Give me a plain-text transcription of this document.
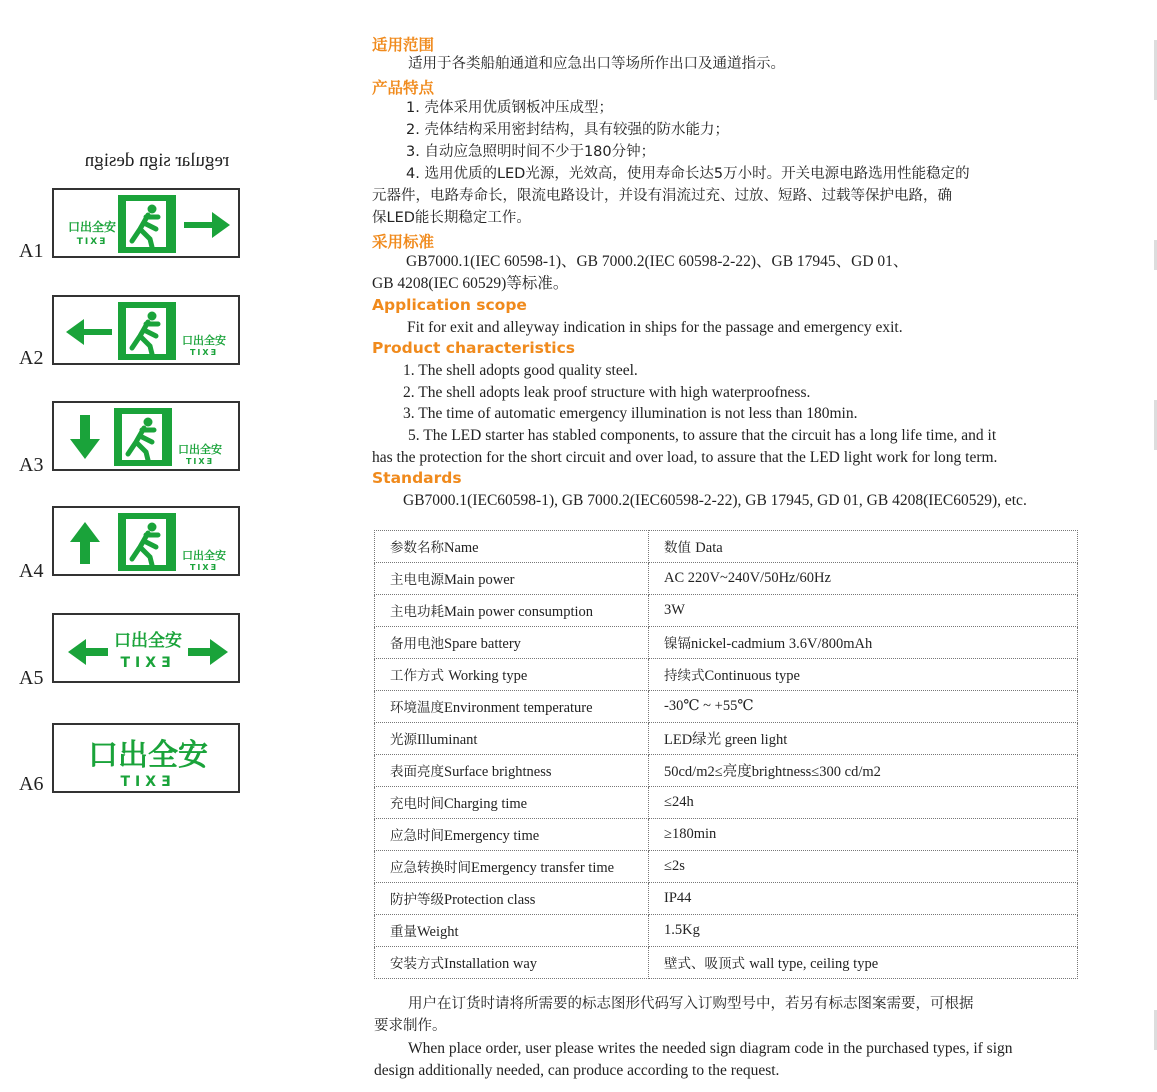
regular sign design
A1
口出全安
TIXƎ
A2
口出全安
TIXƎ
A3
口出全安
TIXƎ
A4
口出全安
TIXƎ
A5
口出全安
TIXƎ
A6
口出全安
TIXƎ
适用范围
适用于各类船舶通道和应急出口等场所作出口及通道指示。
产品特点
1. 壳体采用优质钢板冲压成型；
2. 壳体结构采用密封结构，具有较强的防水能力；
3. 自动应急照明时间不少于180分钟；
4. 选用优质的LED光源，光效高，使用寿命长达5万小时。开关电源电路选用性能稳定的
元器件，电路寿命长，限流电路设计，并设有涓流过充、过放、短路、过载等保护电路，确
保LED能长期稳定工作。
采用标准
GB7000.1(IEC 60598-1)、GB 7000.2(IEC 60598-2-22)、GB 17945、GD 01、
GB 4208(IEC 60529)等标准。
Application scope
Fit for exit and alleyway indication in ships for the passage and emergency exit.
Product characteristics
1. The shell adopts good quality steel.
2. The shell adopts leak proof structure with high waterproofness.
3. The time of automatic emergency illumination is not less than 180min.
5. The LED starter has stabled components, to assure that the circuit has a long life time, and it
has the protection for the short circuit and over load, to assure that the LED light work for long term.
Standards
GB7000.1(IEC60598-1), GB 7000.2(IEC60598-2-22), GB 17945, GD 01, GB 4208(IEC60529), etc.
参数名称Name	数值 Data
主电电源Main power	AC 220V~240V/50Hz/60Hz
主电功耗Main power consumption	3W
备用电池Spare battery	镍镉nickel-cadmium 3.6V/800mAh
工作方式 Working type	持续式Continuous type
环境温度Environment temperature	-30℃ ~ +55℃
光源Illuminant	LED绿光 green light
表面亮度Surface brightness	50cd/m2≤亮度brightness≤300 cd/m2
充电时间Charging time	≤24h
应急时间Emergency time	≥180min
应急转换时间Emergency transfer time	≤2s
防护等级Protection class	IP44
重量Weight	1.5Kg
安装方式Installation way	壁式、吸顶式 wall type, ceiling type
用户在订货时请将所需要的标志图形代码写入订购型号中，若另有标志图案需要，可根据
要求制作。
When place order, user please writes the needed sign diagram code in the purchased types, if sign
design additionally needed, can produce according to the request.
